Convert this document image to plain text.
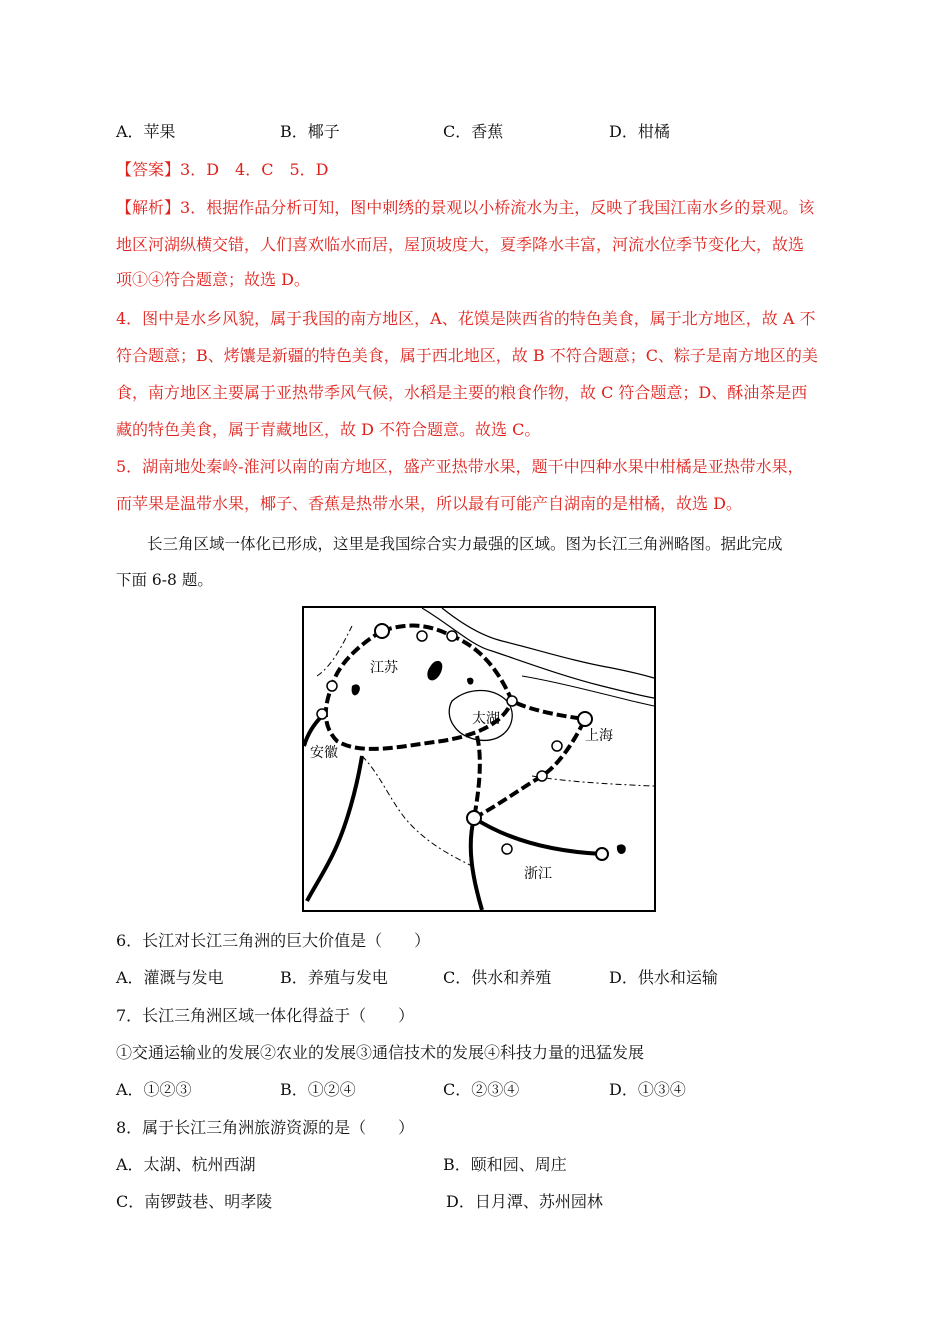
A．苹果	B．椰子	C．香蕉	D．柑橘
【答案】3．D　4．C　5．D
【解析】3．根据作品分析可知，图中刺绣的景观以小桥流水为主，反映了我国江南水乡的景观。该
地区河湖纵横交错，人们喜欢临水而居，屋顶坡度大，夏季降水丰富，河流水位季节变化大，故选
项①④符合题意；故选 D。
4．图中是水乡风貌，属于我国的南方地区，A、花馍是陕西省的特色美食，属于北方地区，故 A 不
符合题意；B、烤馕是新疆的特色美食，属于西北地区，故 B 不符合题意；C、粽子是南方地区的美
食，南方地区主要属于亚热带季风气候，水稻是主要的粮食作物，故 C 符合题意；D、酥油茶是西
藏的特色美食，属于青藏地区，故 D 不符合题意。故选 C。
5．湖南地处秦岭-淮河以南的南方地区，盛产亚热带水果，题干中四种水果中柑橘是亚热带水果，
而苹果是温带水果，椰子、香蕉是热带水果，所以最有可能产自湖南的是柑橘，故选 D。
长三角区域一体化已形成，这里是我国综合实力最强的区域。图为长江三角洲略图。据此完成
下面 6-8 题。
江苏
太湖
上海
安徽
浙江
6．长江对长江三角洲的巨大价值是（　　）
A．灌溉与发电	B．养殖与发电	C．供水和养殖	D．供水和运输
7．长江三角洲区域一体化得益于（　　）
①交通运输业的发展②农业的发展③通信技术的发展④科技力量的迅猛发展
A．①②③	B．①②④	C．②③④	D．①③④
8．属于长江三角洲旅游资源的是（　　）
A．太湖、杭州西湖	B．颐和园、周庄
C．南锣鼓巷、明孝陵	D．日月潭、苏州园林
